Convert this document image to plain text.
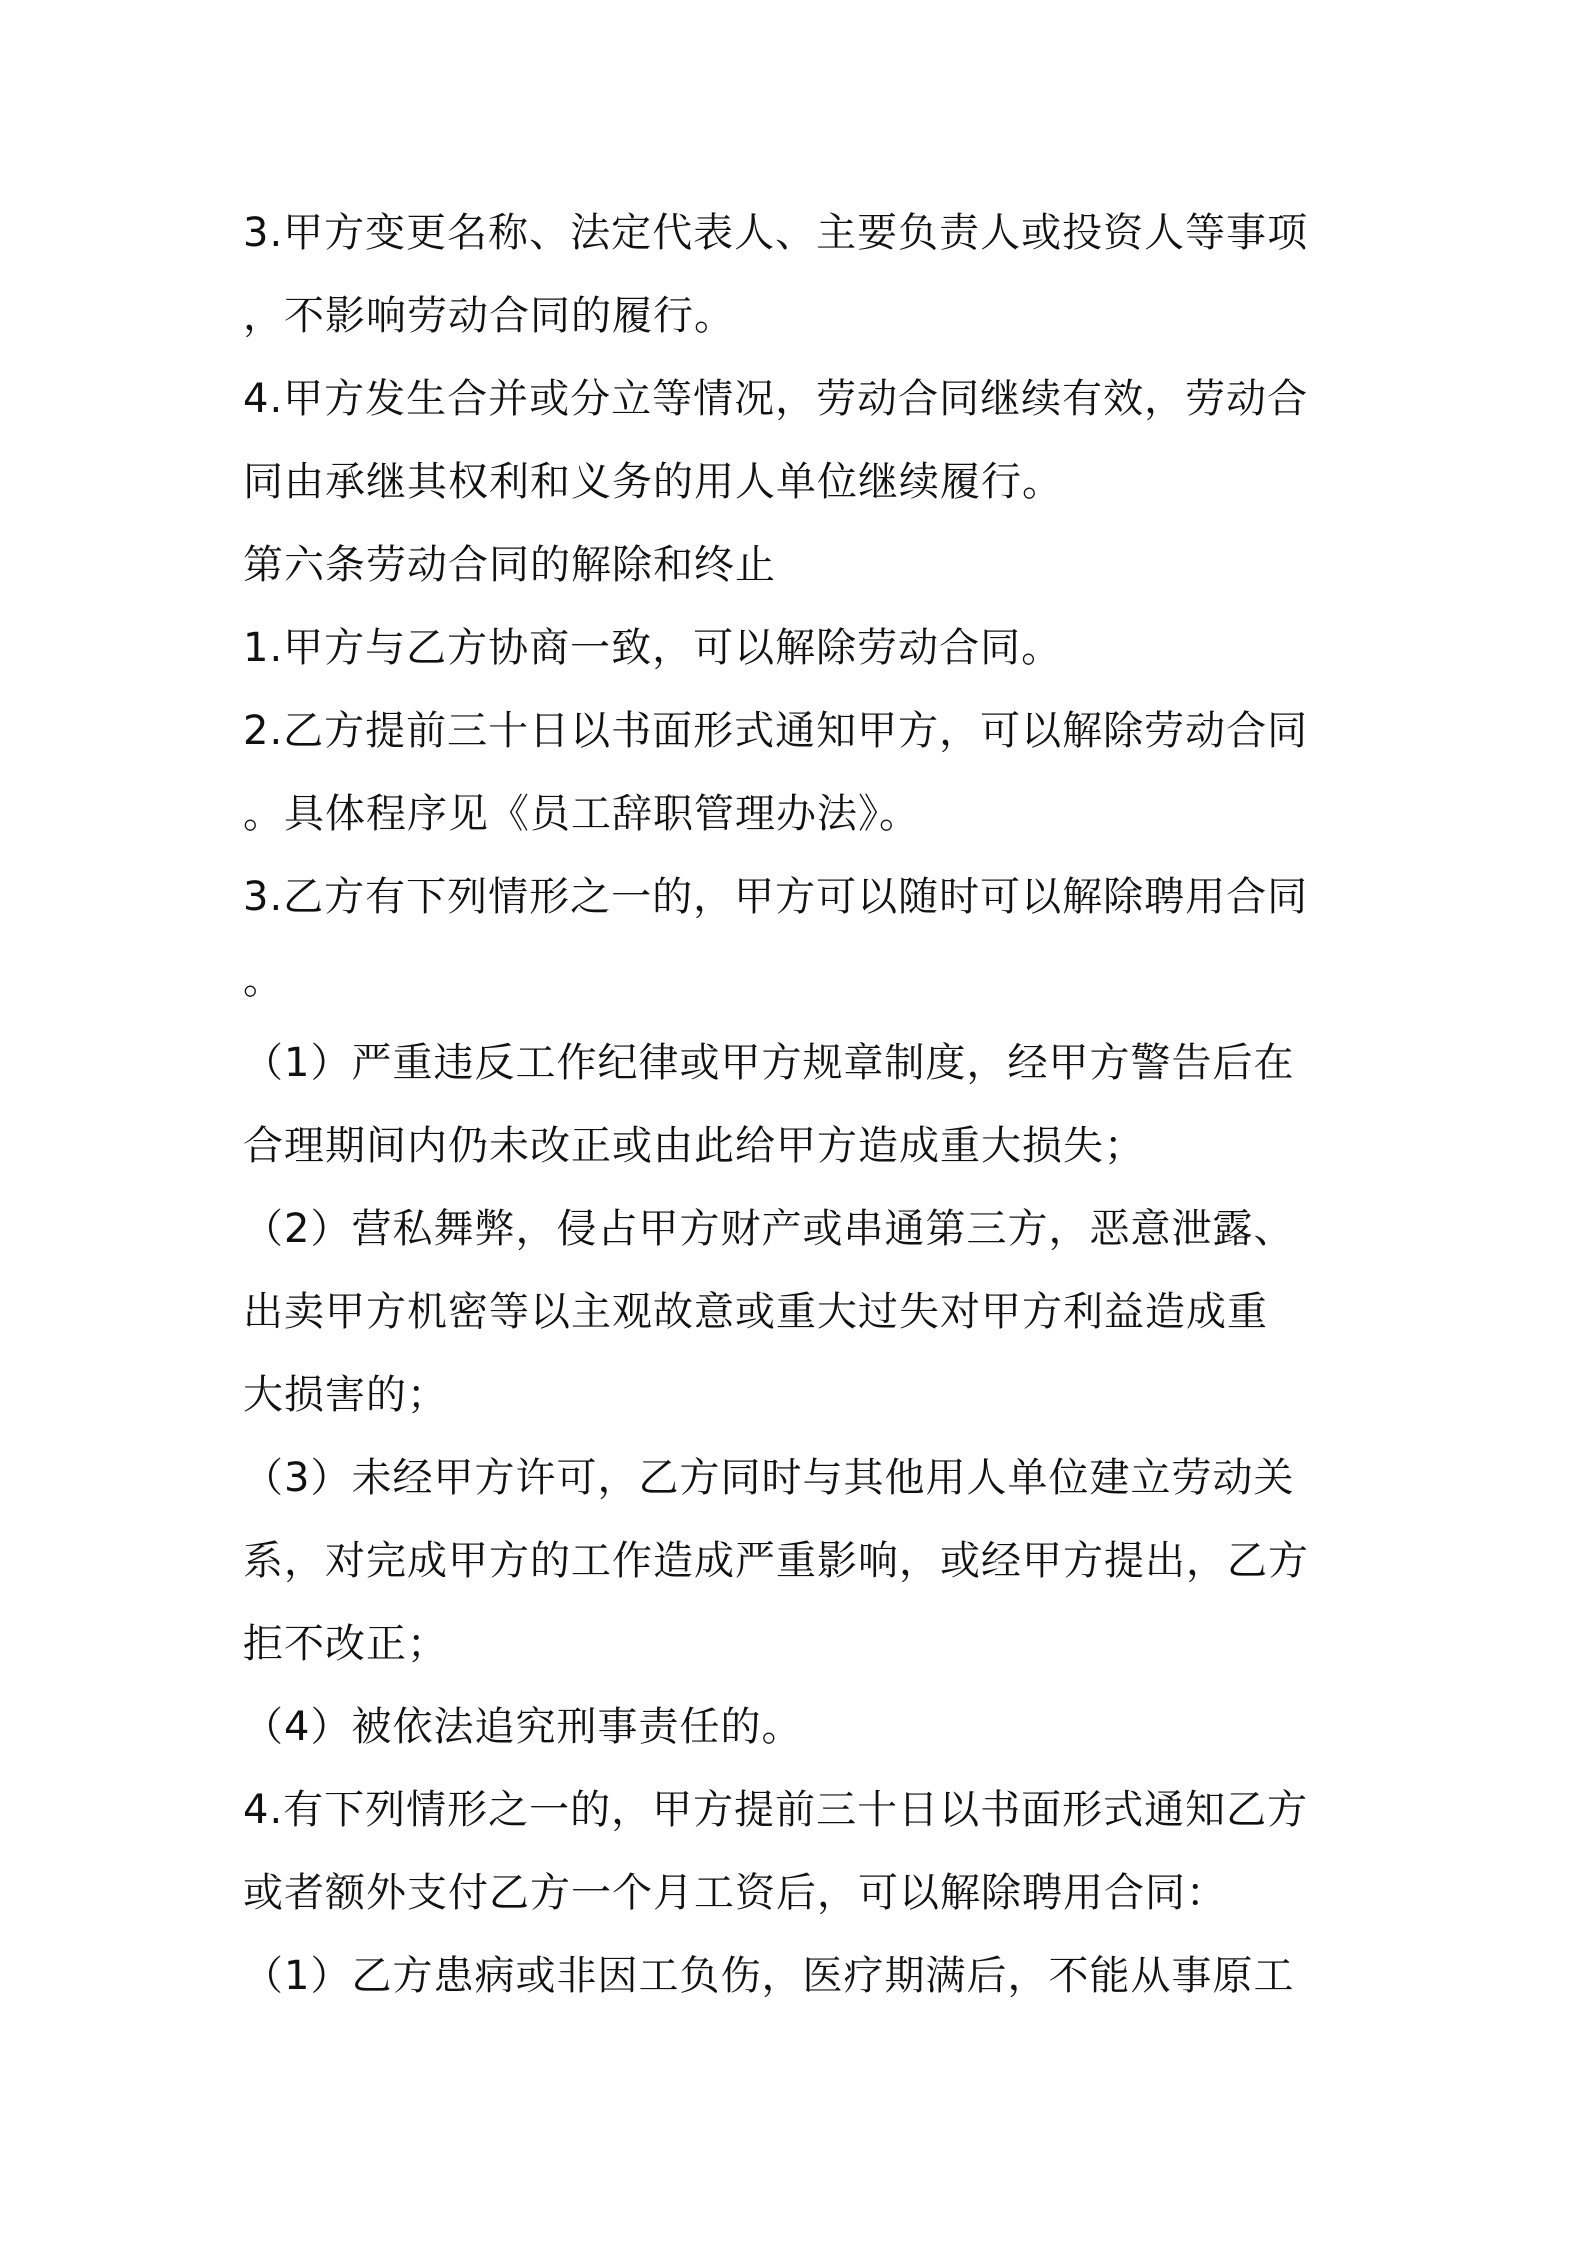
3.甲方变更名称、法定代表人、主要负责人或投资人等事项
，不影响劳动合同的履行。
4.甲方发生合并或分立等情况，劳动合同继续有效，劳动合
同由承继其权利和义务的用人单位继续履行。
第六条劳动合同的解除和终止
1.甲方与乙方协商一致，可以解除劳动合同。
2.乙方提前三十日以书面形式通知甲方，可以解除劳动合同
。具体程序见《员工辞职管理办法》。
3.乙方有下列情形之一的，甲方可以随时可以解除聘用合同
。
（1）严重违反工作纪律或甲方规章制度，经甲方警告后在
合理期间内仍未改正或由此给甲方造成重大损失；
（2）营私舞弊，侵占甲方财产或串通第三方，恶意泄露、
出卖甲方机密等以主观故意或重大过失对甲方利益造成重
大损害的；
（3）未经甲方许可，乙方同时与其他用人单位建立劳动关
系，对完成甲方的工作造成严重影响，或经甲方提出，乙方
拒不改正；
（4）被依法追究刑事责任的。
4.有下列情形之一的，甲方提前三十日以书面形式通知乙方
或者额外支付乙方一个月工资后，可以解除聘用合同：
（1）乙方患病或非因工负伤，医疗期满后，不能从事原工
